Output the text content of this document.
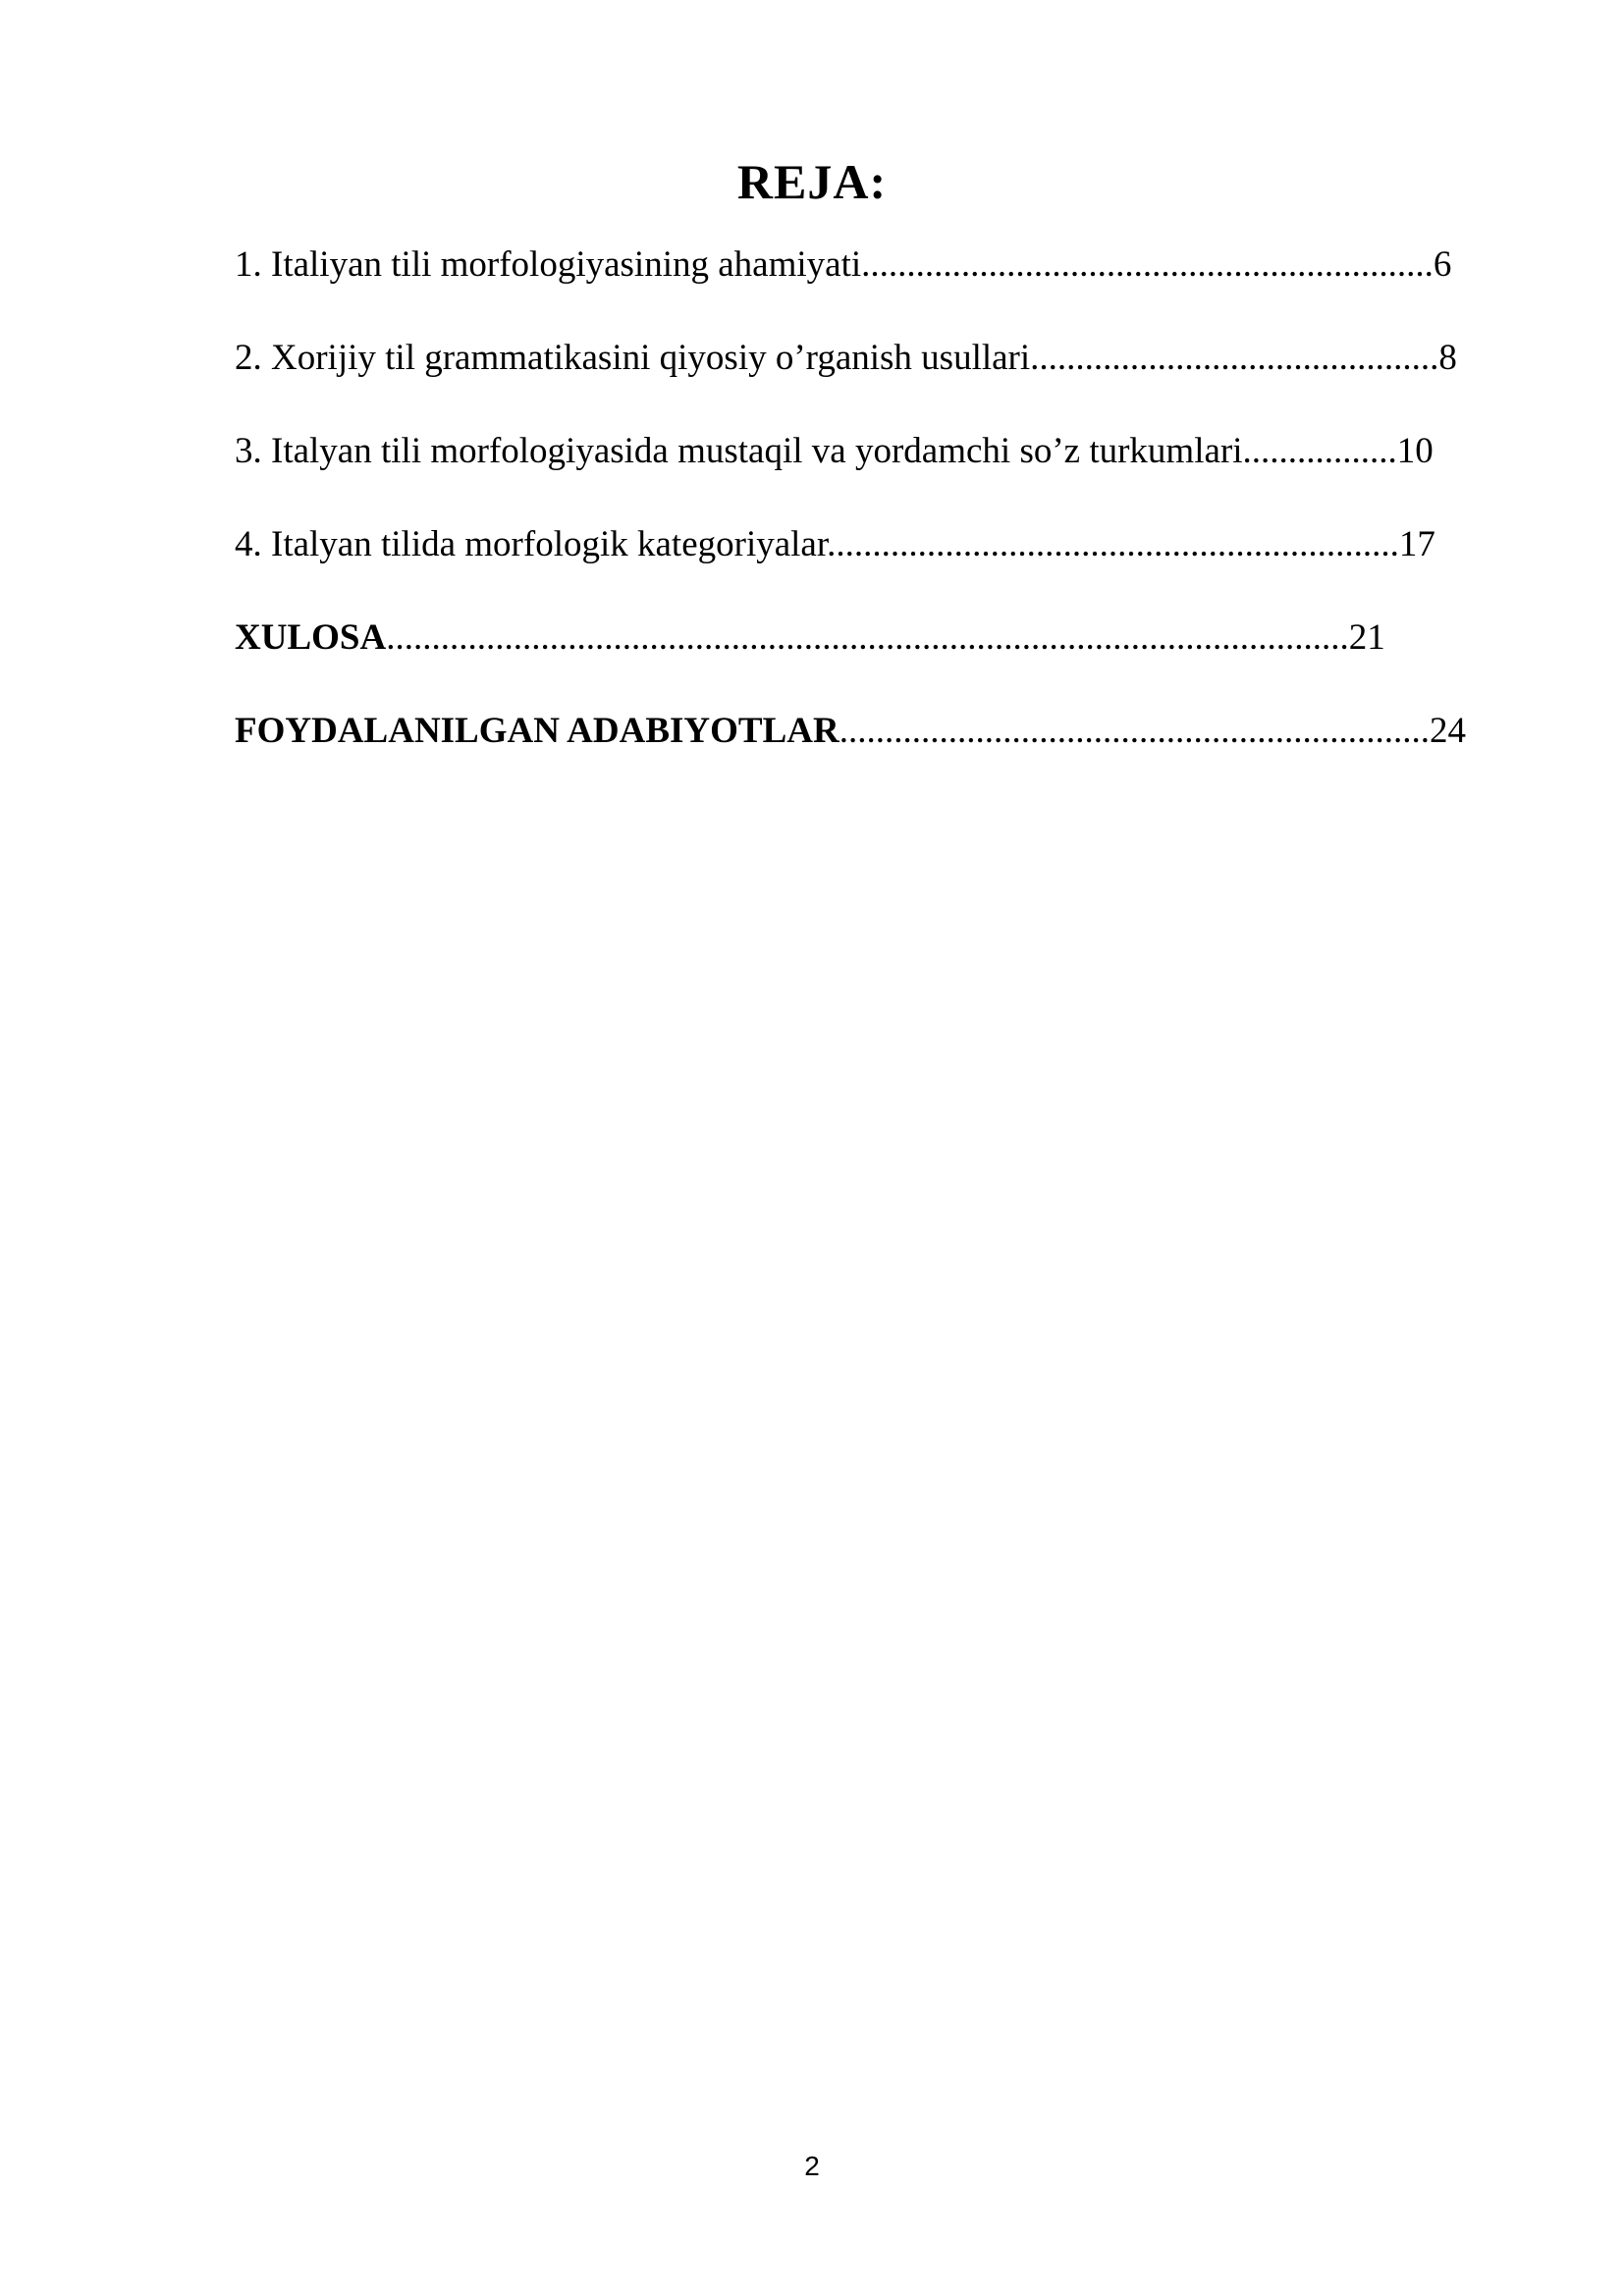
REJA:
1. Italiyan tili morfologiyasining ahamiyati...............................................................6
2. Xorijiy til grammatikasini qiyosiy o’rganish usullari.............................................8
3. Italyan tili morfologiyasida mustaqil va yordamchi so’z turkumlari.................10
4. Italyan tilida morfologik kategoriyalar...............................................................17
XULOSA..........................................................................................................21
FOYDALANILGAN ADABIYOTLAR.................................................................24
2
